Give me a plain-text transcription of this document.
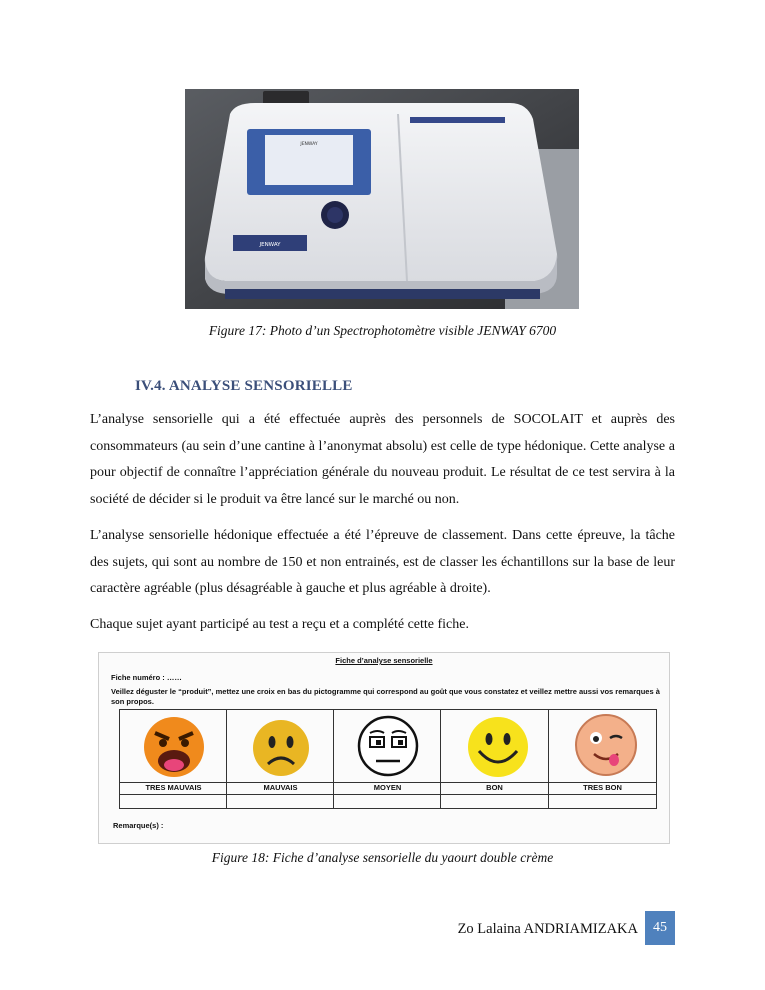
JENWAY
JENWAY
Figure 17: Photo d’un Spectrophotomètre visible JENWAY 6700
IV.4. ANALYSE SENSORIELLE
L’analyse sensorielle qui a été effectuée auprès des personnels de SOCOLAIT et auprès des consommateurs (au sein d’une cantine à l’anonymat absolu) est celle de type hédonique. Cette analyse a pour objectif de connaître l’appréciation générale du nouveau produit. Le résultat de ce test servira à la société de décider si le produit va être lancé sur le marché ou non.
L’analyse sensorielle hédonique effectuée a été l’épreuve de classement. Dans cette épreuve, la tâche des sujets, qui sont au nombre de 150 et non entrainés, est de classer les échantillons sur la base de leur caractère agréable (plus désagréable à gauche et plus agréable à droite).
Chaque sujet ayant participé au test a reçu et a complété cette fiche.
Fiche d’analyse sensorielle
Fiche numéro : ……
Veillez déguster le “produit”, mettez une croix en bas du pictogramme qui correspond au goût que vous constatez et veillez mettre aussi vos remarques à son propos.
TRES MAUVAIS	MAUVAIS	MOYEN	BON	TRES BON
Remarque(s) :
Figure 18: Fiche d’analyse sensorielle du yaourt double crème
Zo Lalaina ANDRIAMIZAKA	45
